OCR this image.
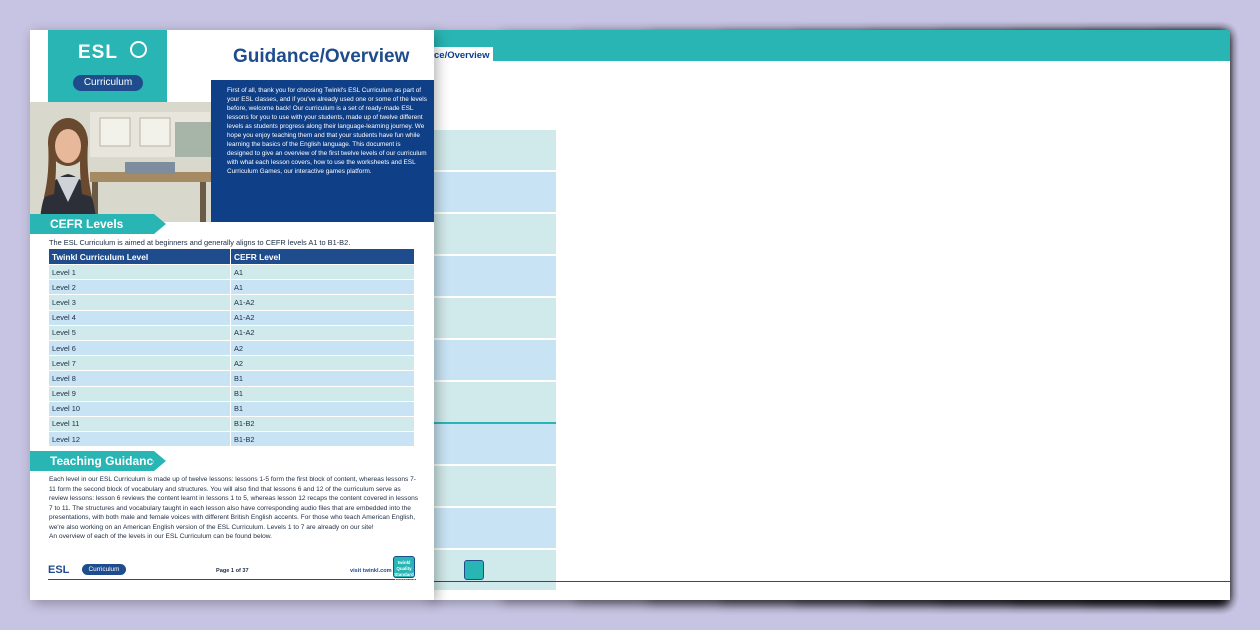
ce/Overview
ESL
Curriculum
Guidance/Overview
First of all, thank you for choosing Twinkl's ESL Curriculum as part of your ESL classes, and if you've already used one or some of the levels before, welcome back! Our curriculum is a set of ready-made ESL lessons for you to use with your students, made up of twelve different levels as students progress along their language-learning journey. We hope you enjoy teaching them and that your students have fun while learning the basics of the English language. This document is designed to give an overview of the first twelve levels of our curriculum with what each lesson covers, how to use the worksheets and ESL Curriculum Games, our interactive games platform.
CEFR Levels
The ESL Curriculum is aimed at beginners and generally aligns to CEFR levels A1 to B1-B2.
Twinkl Curriculum Level	CEFR Level
Level 1	A1
Level 2	A1
Level 3	A1-A2
Level 4	A1-A2
Level 5	A1-A2
Level 6	A2
Level 7	A2
Level 8	B1
Level 9	B1
Level 10	B1
Level 11	B1-B2
Level 12	B1-B2
Teaching Guidance
Each level in our ESL Curriculum is made up of twelve lessons: lessons 1-5 form the first block of content, whereas lessons 7-11 form the second block of vocabulary and structures. You will also find that lessons 6 and 12 of the curriculum serve as review lessons: lesson 6 reviews the content learnt in lessons 1 to 5, whereas lesson 12 recaps the content covered in lessons 7 to 11. The structures and vocabulary taught in each lesson also have corresponding audio files that are embedded into the presentations, with both male and female voices with different British English accents. For those who teach American English, we're also working on an American English version of the ESL Curriculum. Levels 1 to 7 are already on our site!
An overview of each of the levels in our ESL Curriculum can be found below.
ESL	Curriculum	Page 1 of 37	visit twinkl.com
twinkl Quality Standard Approved
